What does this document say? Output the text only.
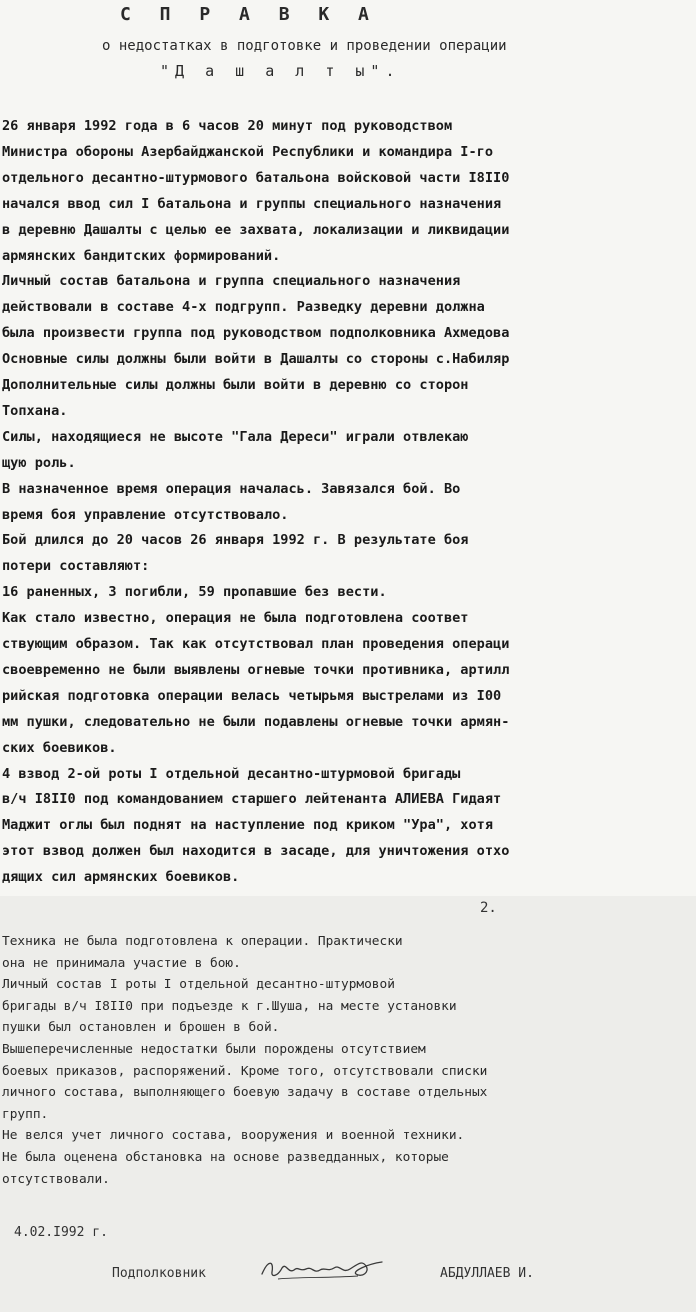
С П Р А В К А
о недостатках в подготовке и проведении операции
"Д а ш а л т ы".
26 января 1992 года в 6 часов 20 минут под руководством
Министра обороны Азербайджанской Республики и командира I-го
отдельного десантно-штурмового батальона войсковой части I8II0
начался ввод сил I батальона и группы специального назначения
в деревню Дашалты с целью ее захвата, локализации и ликвидации
армянских бандитских формирований.
Личный состав батальона и группа специального назначения
действовали в составе 4-х подгрупп. Разведку деревни должна
была произвести группа под руководством подполковника Ахмедова
Основные силы должны были войти в Дашалты со стороны с.Набиляр
Дополнительные силы должны были войти в деревню со сторон
Топхана.
Силы, находящиеся не высоте "Гала Дереси" играли отвлекаю
щую роль.
В назначенное время операция началась. Завязался бой. Во
время боя управление отсутствовало.
Бой длился до 20 часов 26 января 1992 г. В результате боя
потери составляют:
16 раненных, 3 погибли, 59 пропавшие без вести.
Как стало известно, операция не была подготовлена соответ
ствующим образом. Так как отсутствовал план проведения операци
своевременно не были выявлены огневые точки противника, артилл
рийская подготовка операции велась четырьмя выстрелами из I00
мм пушки, следовательно не были подавлены огневые точки армян-
ских боевиков.
4 взвод 2-ой роты I отдельной десантно-штурмовой бригады
в/ч I8II0 под командованием старшего лейтенанта АЛИЕВА Гидаят
Маджит оглы был поднят на наступление под криком "Ура", хотя
этот взвод должен был находится в засаде, для уничтожения отхо
дящих сил армянских боевиков.
2.
Техника не была подготовлена к операции. Практически
она не принимала участие в бою.
Личный состав I роты I отдельной десантно-штурмовой
бригады в/ч I8II0 при подъезде к г.Шуша, на месте установки
пушки был остановлен и брошен в бой.
Вышеперечисленные недостатки были порождены отсутствием
боевых приказов, распоряжений. Кроме того, отсутствовали списки
личного состава, выполняющего боевую задачу в составе отдельных
групп.
Не велся учет личного состава, вооружения и военной техники.
Не была оценена обстановка на основе разведданных, которые
отсутствовали.
4.02.I992 г.
Подполковник	АБДУЛЛАЕВ И.
